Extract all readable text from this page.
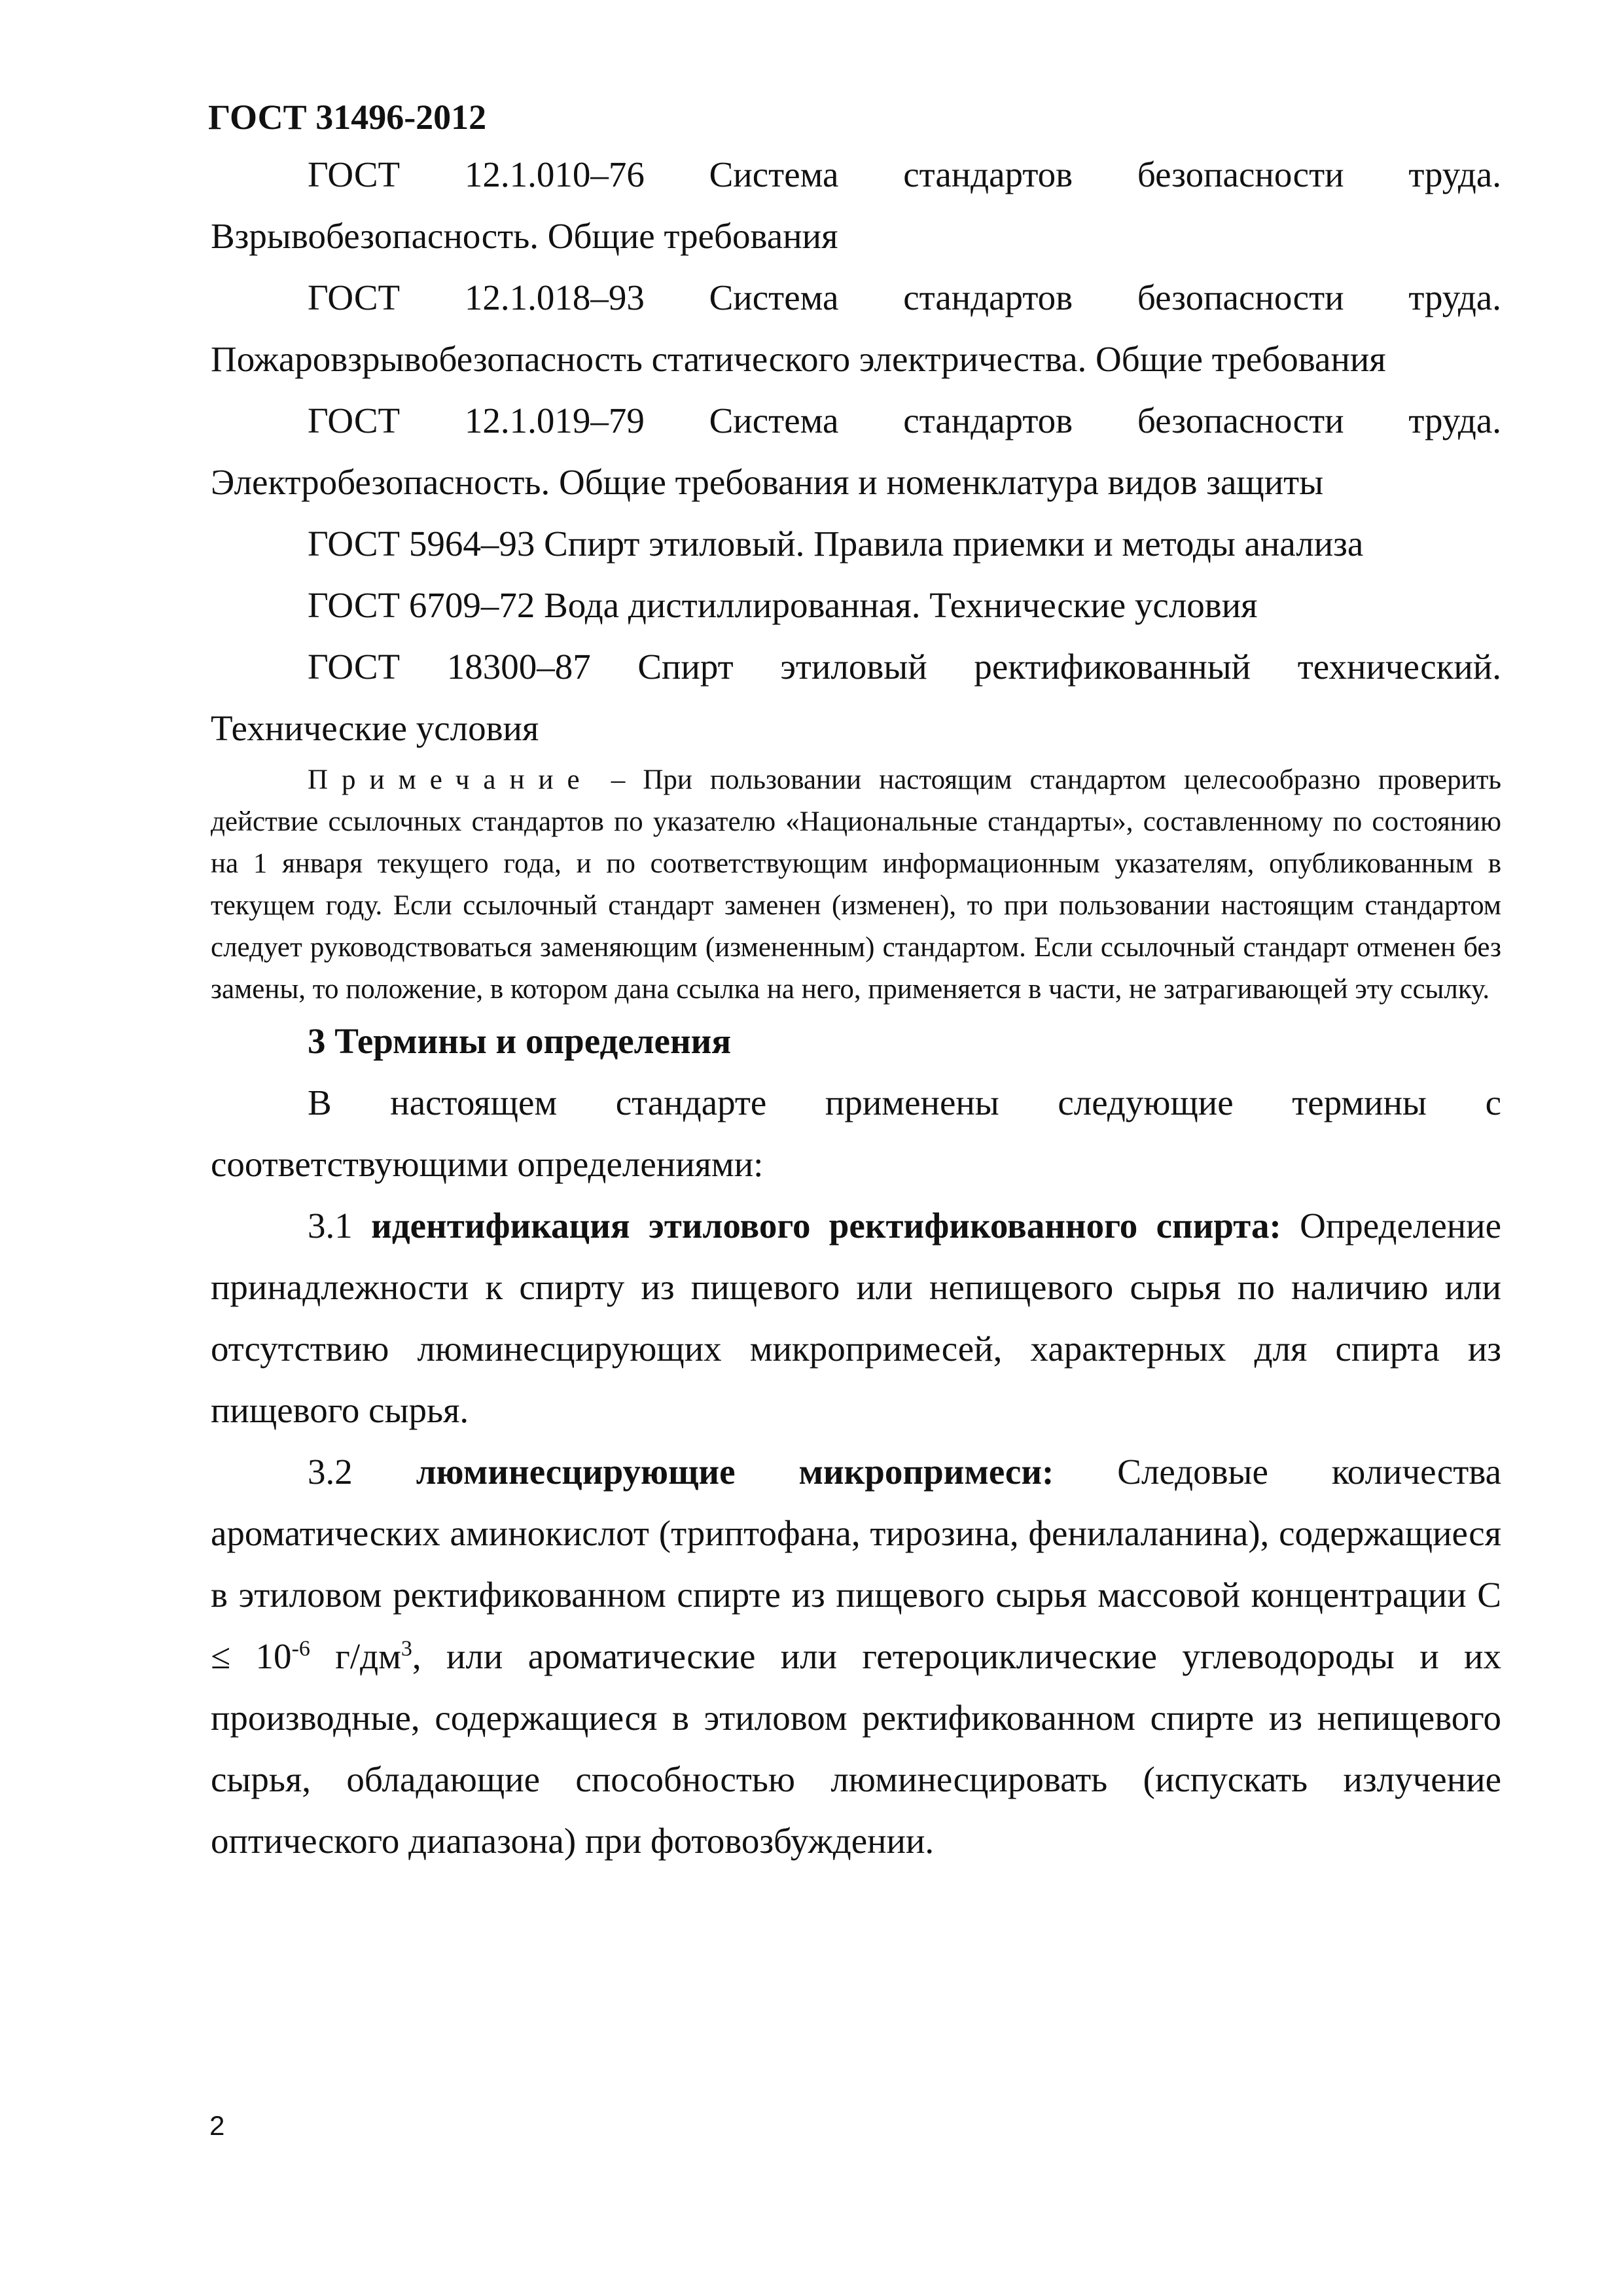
ГОСТ 31496-2012

ГОСТ 12.1.010–76 Система стандартов безопасности труда. Взрывобезопасность. Общие требования

ГОСТ 12.1.018–93 Система стандартов безопасности труда. Пожаровзрывобезопасность статического электричества. Общие требования

ГОСТ 12.1.019–79 Система стандартов безопасности труда. Электробезопасность. Общие требования и номенклатура видов защиты

ГОСТ 5964–93 Спирт этиловый. Правила приемки и методы анализа

ГОСТ 6709–72 Вода дистиллированная. Технические условия

ГОСТ 18300–87 Спирт этиловый ректификованный технический. Технические условия

Примечание – При пользовании настоящим стандартом целесообразно проверить действие ссылочных стандартов по указателю «Национальные стандарты», составленному по состоянию на 1 января текущего года, и по соответствующим информационным указателям, опубликованным в текущем году. Если ссылочный стандарт заменен (изменен), то при пользовании настоящим стандартом следует руководствоваться заменяющим (измененным) стандартом. Если ссылочный стандарт отменен без замены, то положение, в котором дана ссылка на него, применяется в части, не затрагивающей эту ссылку.

3 Термины и определения

В настоящем стандарте применены следующие термины с соответствующими определениями:

3.1 идентификация этилового ректификованного спирта: Определение принадлежности к спирту из пищевого или непищевого сырья по наличию или отсутствию люминесцирующих микропримесей, характерных для спирта из пищевого сырья.

3.2 люминесцирующие микропримеси: Следовые количества ароматических аминокислот (триптофана, тирозина, фенилаланина), содержащиеся в этиловом ректификованном спирте из пищевого сырья массовой концентрации $С \le 10^{-6}$ $г/дм^3$, или ароматические или гетероциклические углеводороды и их производные, содержащиеся в этиловом ректификованном спирте из непищевого сырья, обладающие способностью люминесцировать (испускать излучение оптического диапазона) при фотовозбуждении.

2
